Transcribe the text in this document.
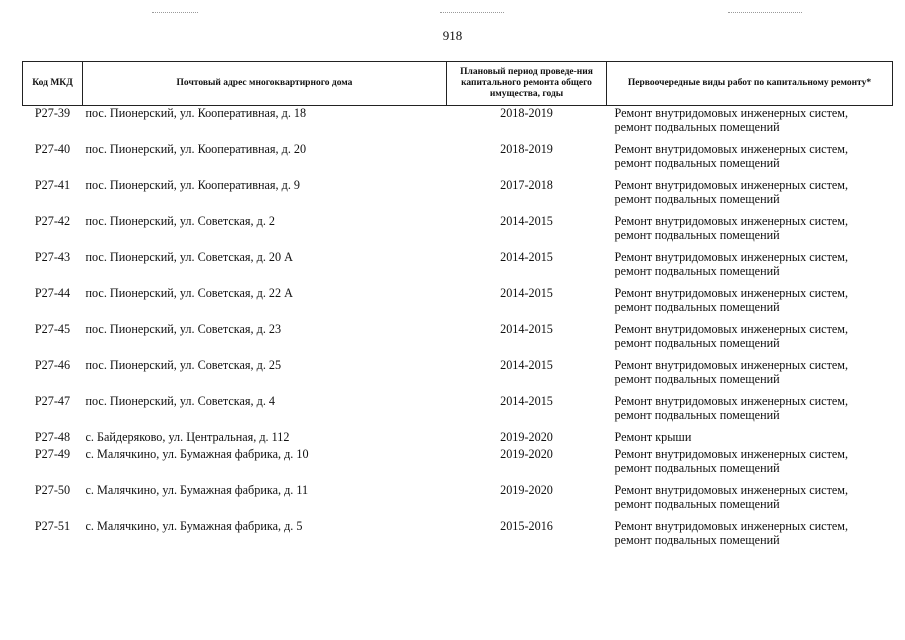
918
Код МКД	Почтовый адрес многоквартирного дома	Плановый период проведе-ния капитального ремонта общего имущества, годы	Первоочередные виды работ по капитальному ремонту*
Р27-39	пос. Пионерский, ул. Кооперативная, д. 18	2018-2019	Ремонт внутридомовых инженерных систем,
ремонт подвальных помещений
Р27-40	пос. Пионерский, ул. Кооперативная, д. 20	2018-2019	Ремонт внутридомовых инженерных систем,
ремонт подвальных помещений
Р27-41	пос. Пионерский, ул. Кооперативная, д. 9	2017-2018	Ремонт внутридомовых инженерных систем,
ремонт подвальных помещений
Р27-42	пос. Пионерский, ул. Советская, д. 2	2014-2015	Ремонт внутридомовых инженерных систем,
ремонт подвальных помещений
Р27-43	пос. Пионерский, ул. Советская, д. 20 А	2014-2015	Ремонт внутридомовых инженерных систем,
ремонт подвальных помещений
Р27-44	пос. Пионерский, ул. Советская, д. 22 А	2014-2015	Ремонт внутридомовых инженерных систем,
ремонт подвальных помещений
Р27-45	пос. Пионерский, ул. Советская, д. 23	2014-2015	Ремонт внутридомовых инженерных систем,
ремонт подвальных помещений
Р27-46	пос. Пионерский, ул. Советская, д. 25	2014-2015	Ремонт внутридомовых инженерных систем,
ремонт подвальных помещений
Р27-47	пос. Пионерский, ул. Советская, д. 4	2014-2015	Ремонт внутридомовых инженерных систем,
ремонт подвальных помещений
Р27-48	с. Байдеряково, ул. Центральная, д. 112	2019-2020	Ремонт крыши
Р27-49	с. Малячкино, ул. Бумажная фабрика, д. 10	2019-2020	Ремонт внутридомовых инженерных систем,
ремонт подвальных помещений
Р27-50	с. Малячкино, ул. Бумажная фабрика, д. 11	2019-2020	Ремонт внутридомовых инженерных систем,
ремонт подвальных помещений
Р27-51	с. Малячкино, ул. Бумажная фабрика, д. 5	2015-2016	Ремонт внутридомовых инженерных систем,
ремонт подвальных помещений
